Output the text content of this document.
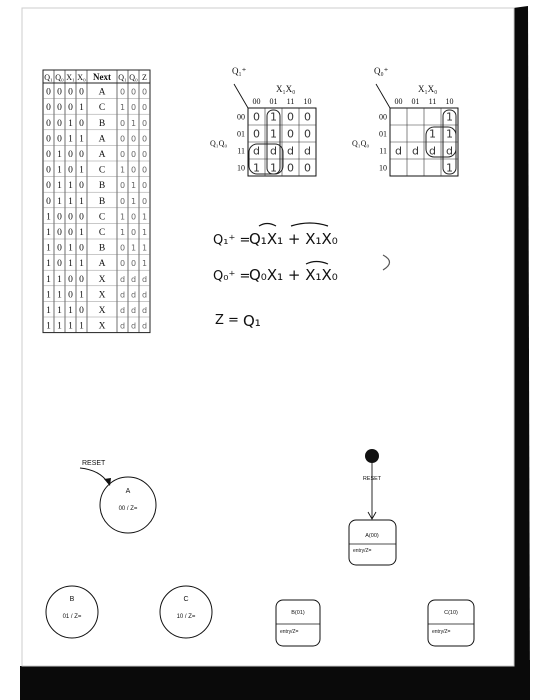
Q₁ Q₀ X₁ X₀ Next Q₁ Q₀ Z
0 0 0 0 A 0 0 0
0 0 0 1 C 1 0 0
0 0 1 0 B 0 1 0
0 0 1 1 A 0 0 0
0 1 0 0 A 0 0 0
0 1 0 1 C 1 0 0
0 1 1 0 B 0 1 0
0 1 1 1 B 0 1 0
1 0 0 0 C 1 0 1
1 0 0 1 C 1 0 1
1 0 1 0 B 0 1 1
1 0 1 1 A 0 0 1
1 1 0 0 X d d d
1 1 0 1 X d d d
1 1 1 0 X d d d
1 1 1 1 X d d d
Q₁⁺
X₁X₀
Q₁Q₀
00 01 11 10
00
01
11
10
0 1 0 0
0 1 0 0
d d d d
1 1 0 0
Q₀⁺
X₁X₀
Q₁Q₀
00 01 11 10
00
01
11
10
1
1 1
d d d d
1
Q₁⁺ =
Q₁X₁ + X₁X₀
Q₀⁺ =
Q₀X₁ + X₁X₀
Z = Q₁
RESET
A
00 / Z=
B
01 / Z=
C
10 / Z=
RESET
A(00)
entry/Z=
B(01)
entry/Z=
C(10)
entry/Z=
